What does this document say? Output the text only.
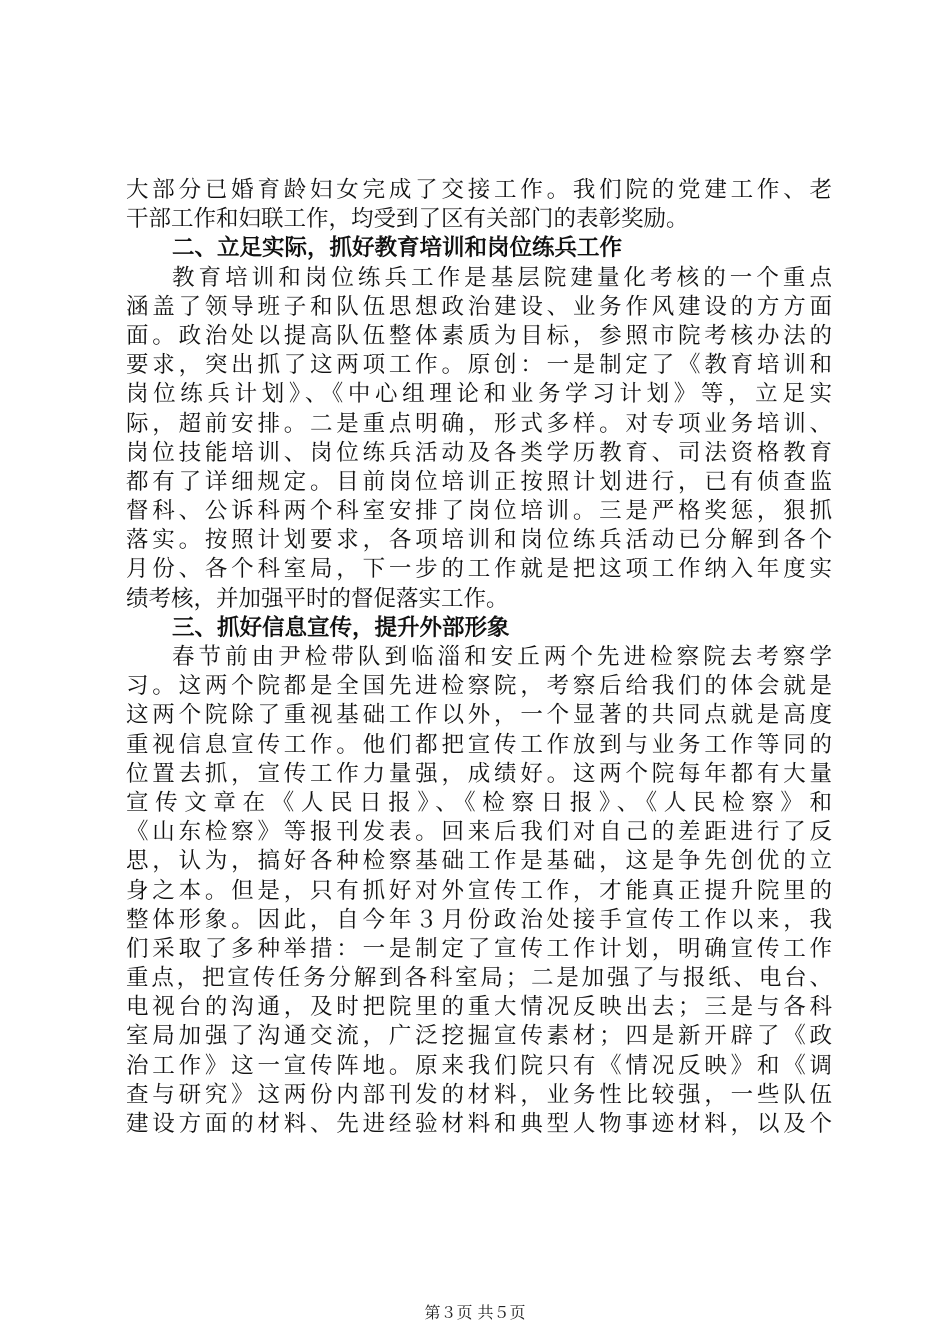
大部分已婚育龄妇女完成了交接工作。我们院的党建工作、老
干部工作和妇联工作，均受到了区有关部门的表彰奖励。
二、立足实际，抓好教育培训和岗位练兵工作
教育培训和岗位练兵工作是基层院建量化考核的一个重点
涵盖了领导班子和队伍思想政治建设、业务作风建设的方方面
面。政治处以提高队伍整体素质为目标，参照市院考核办法的
要求，突出抓了这两项工作。原创：一是制定了《教育培训和
岗位练兵计划》、《中心组理论和业务学习计划》等，立足实
际，超前安排。二是重点明确，形式多样。对专项业务培训、
岗位技能培训、岗位练兵活动及各类学历教育、司法资格教育
都有了详细规定。目前岗位培训正按照计划进行，已有侦查监
督科、公诉科两个科室安排了岗位培训。三是严格奖惩，狠抓
落实。按照计划要求，各项培训和岗位练兵活动已分解到各个
月份、各个科室局，下一步的工作就是把这项工作纳入年度实
绩考核，并加强平时的督促落实工作。
三、抓好信息宣传，提升外部形象
春节前由尹检带队到临淄和安丘两个先进检察院去考察学
习。这两个院都是全国先进检察院，考察后给我们的体会就是
这两个院除了重视基础工作以外，一个显著的共同点就是高度
重视信息宣传工作。他们都把宣传工作放到与业务工作等同的
位置去抓，宣传工作力量强，成绩好。这两个院每年都有大量
宣传文章在《人民日报》、《检察日报》、《人民检察》和
《山东检察》等报刊发表。回来后我们对自己的差距进行了反
思，认为，搞好各种检察基础工作是基础，这是争先创优的立
身之本。但是，只有抓好对外宣传工作，才能真正提升院里的
整体形象。因此，自今年３月份政治处接手宣传工作以来，我
们采取了多种举措：一是制定了宣传工作计划，明确宣传工作
重点，把宣传任务分解到各科室局；二是加强了与报纸、电台、
电视台的沟通，及时把院里的重大情况反映出去；三是与各科
室局加强了沟通交流，广泛挖掘宣传素材；四是新开辟了《政
治工作》这一宣传阵地。原来我们院只有《情况反映》和《调
查与研究》这两份内部刊发的材料，业务性比较强，一些队伍
建设方面的材料、先进经验材料和典型人物事迹材料，以及个
第３页 共５页
